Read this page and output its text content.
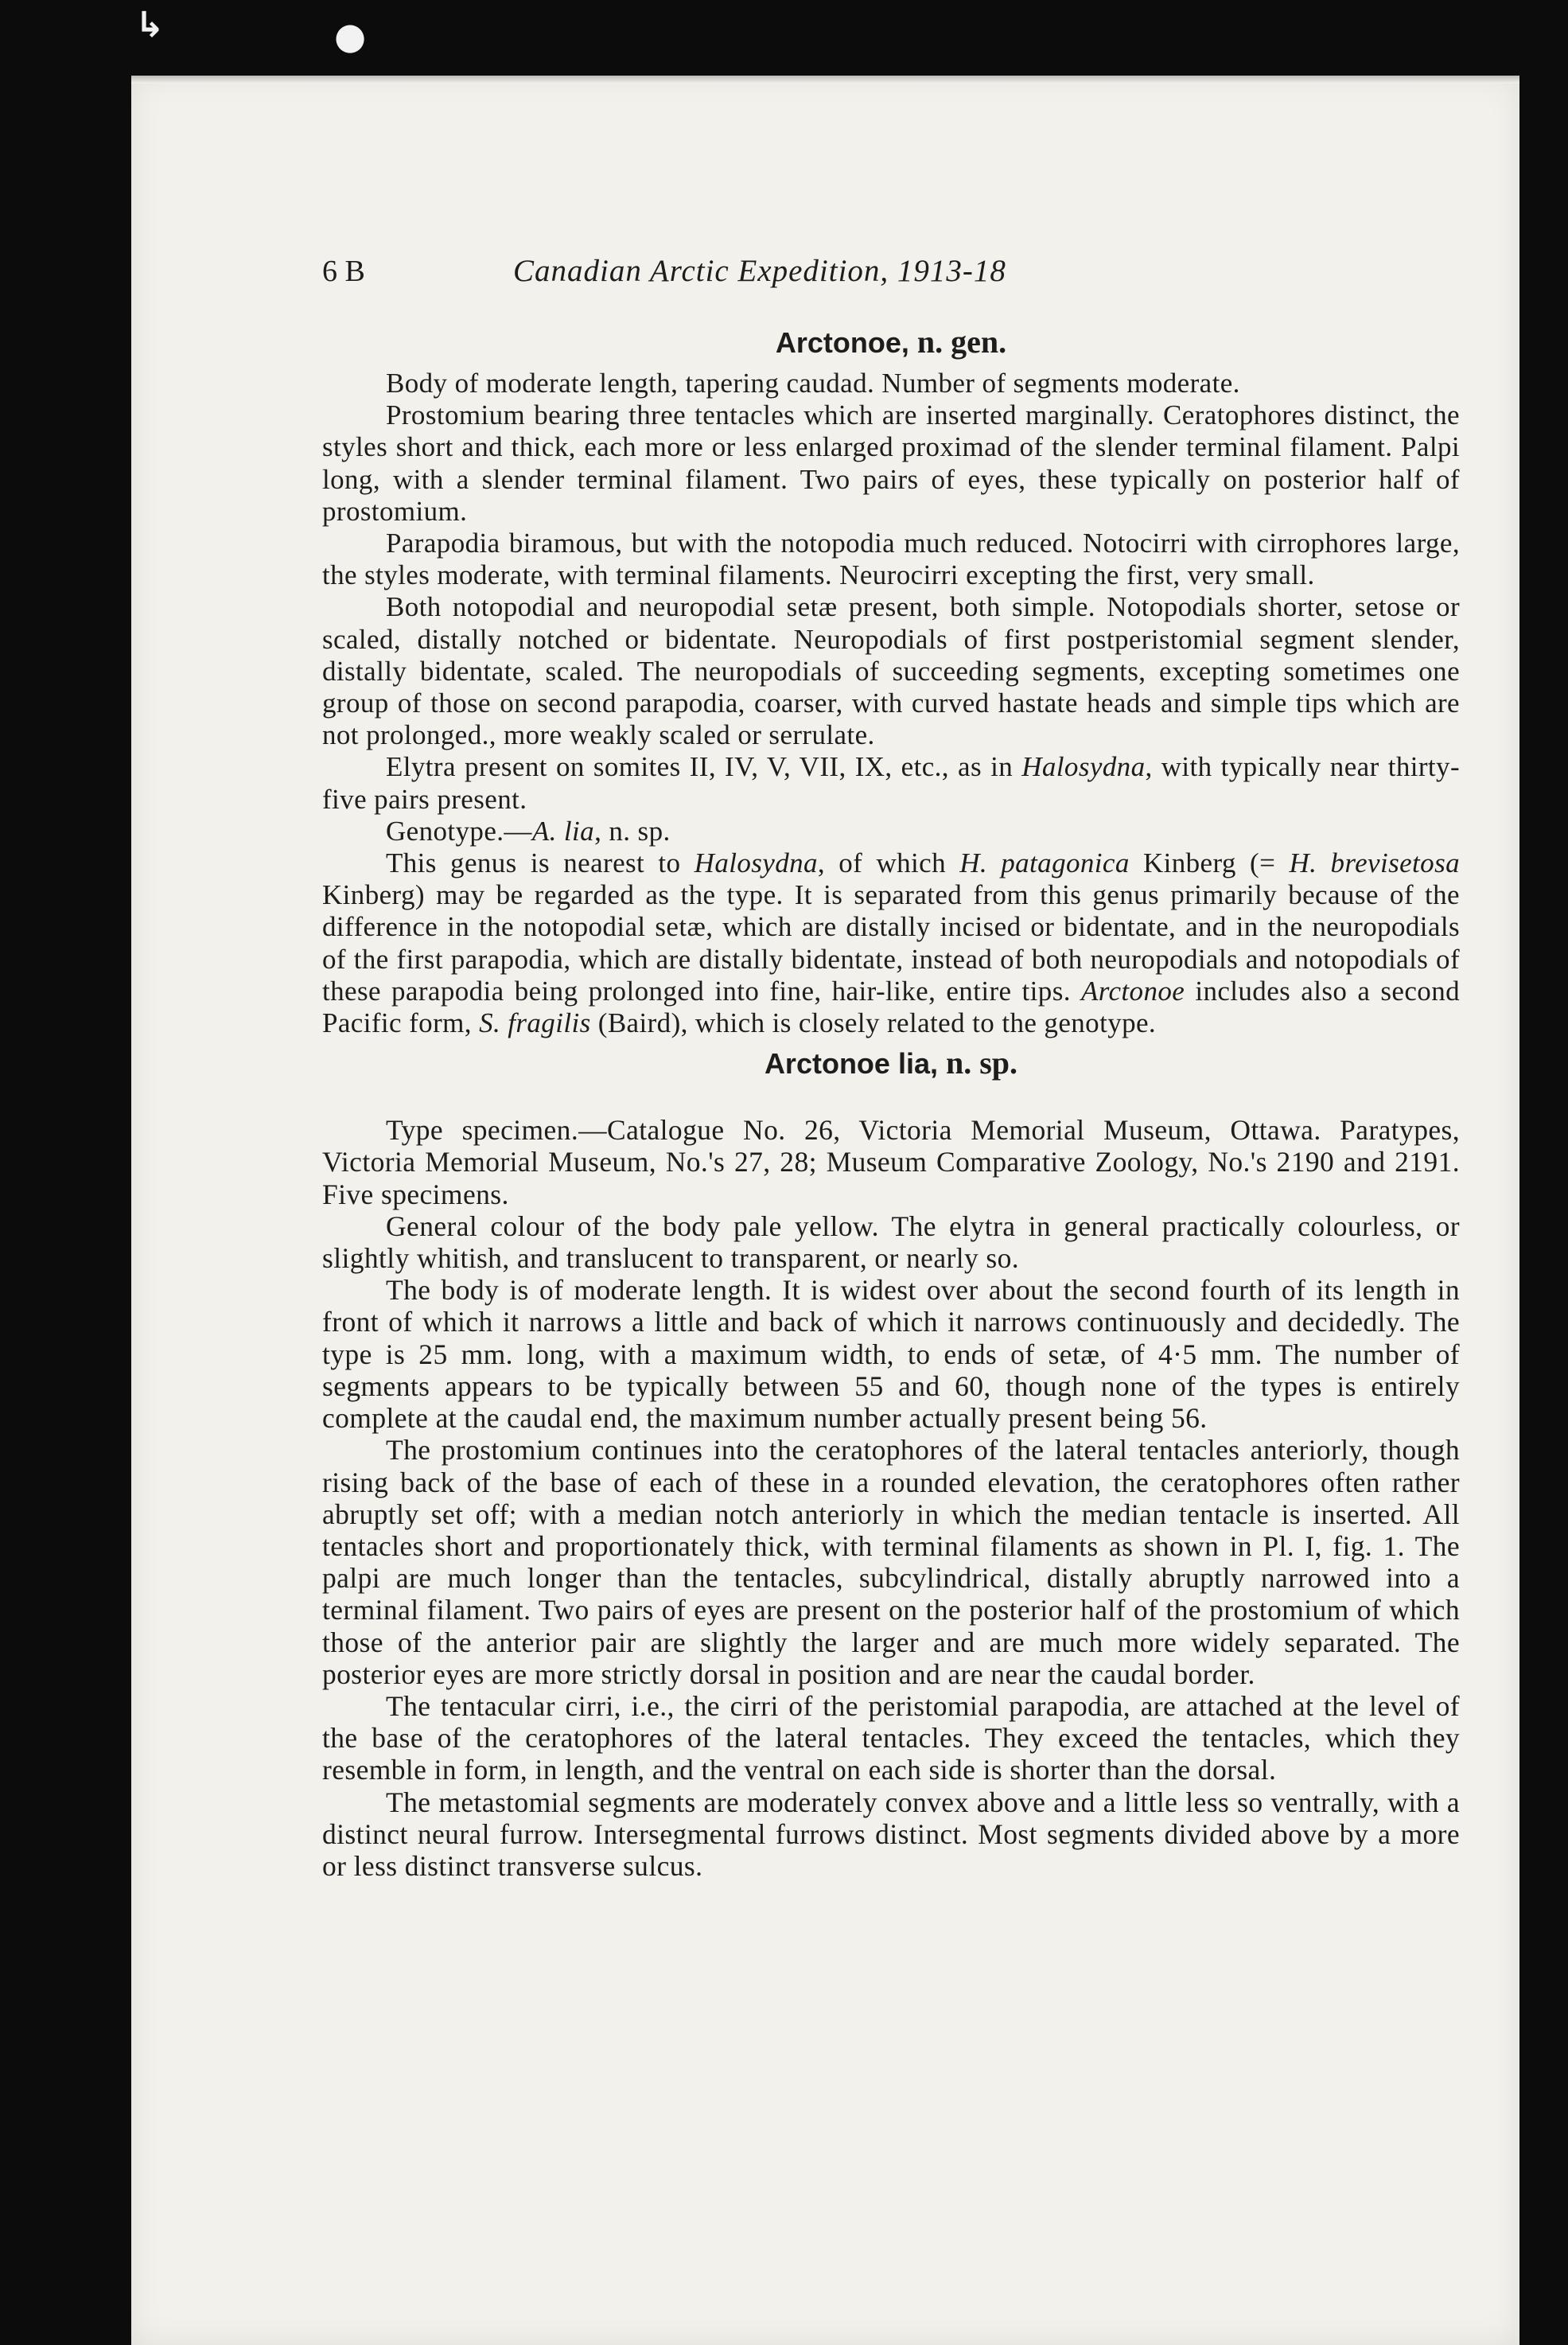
↳	●
6 B	Canadian Arctic Expedition, 1913-18
Arctonoe, n. gen.

Body of moderate length, tapering caudad. Number of segments moderate.

Prostomium bearing three tentacles which are inserted marginally. Ceratophores distinct, the styles short and thick, each more or less enlarged proximad of the slender terminal filament. Palpi long, with a slender terminal filament. Two pairs of eyes, these typically on posterior half of prostomium.

Parapodia biramous, but with the notopodia much reduced. Notocirri with cirrophores large, the styles moderate, with terminal filaments. Neurocirri excepting the first, very small.

Both notopodial and neuropodial setæ present, both simple. Notopodials shorter, setose or scaled, distally notched or bidentate. Neuropodials of first postperistomial segment slender, distally bidentate, scaled. The neuropodials of succeeding segments, excepting sometimes one group of those on second parapodia, coarser, with curved hastate heads and simple tips which are not prolonged., more weakly scaled or serrulate.

Elytra present on somites II, IV, V, VII, IX, etc., as in Halosydna, with typically near thirty-five pairs present.

Genotype.—A. lia, n. sp.

This genus is nearest to Halosydna, of which H. patagonica Kinberg (= H. brevisetosa Kinberg) may be regarded as the type. It is separated from this genus primarily because of the difference in the notopodial setæ, which are distally incised or bidentate, and in the neuropodials of the first parapodia, which are distally bidentate, instead of both neuropodials and notopodials of these parapodia being prolonged into fine, hair-like, entire tips. Arctonoe includes also a second Pacific form, S. fragilis (Baird), which is closely related to the genotype.

Arctonoe lia, n. sp.

Type specimen.—Catalogue No. 26, Victoria Memorial Museum, Ottawa. Paratypes, Victoria Memorial Museum, No.'s 27, 28; Museum Comparative Zoology, No.'s 2190 and 2191. Five specimens.

General colour of the body pale yellow. The elytra in general practically colourless, or slightly whitish, and translucent to transparent, or nearly so.

The body is of moderate length. It is widest over about the second fourth of its length in front of which it narrows a little and back of which it narrows continuously and decidedly. The type is 25 mm. long, with a maximum width, to ends of setæ, of 4·5 mm. The number of segments appears to be typically between 55 and 60, though none of the types is entirely complete at the caudal end, the maximum number actually present being 56.

The prostomium continues into the ceratophores of the lateral tentacles anteriorly, though rising back of the base of each of these in a rounded elevation, the ceratophores often rather abruptly set off; with a median notch anteriorly in which the median tentacle is inserted. All tentacles short and proportionately thick, with terminal filaments as shown in Pl. I, fig. 1. The palpi are much longer than the tentacles, subcylindrical, distally abruptly narrowed into a terminal filament. Two pairs of eyes are present on the posterior half of the prostomium of which those of the anterior pair are slightly the larger and are much more widely separated. The posterior eyes are more strictly dorsal in position and are near the caudal border.

The tentacular cirri, i.e., the cirri of the peristomial parapodia, are attached at the level of the base of the ceratophores of the lateral tentacles. They exceed the tentacles, which they resemble in form, in length, and the ventral on each side is shorter than the dorsal.

The metastomial segments are moderately convex above and a little less so ventrally, with a distinct neural furrow. Intersegmental furrows distinct. Most segments divided above by a more or less distinct transverse sulcus.
